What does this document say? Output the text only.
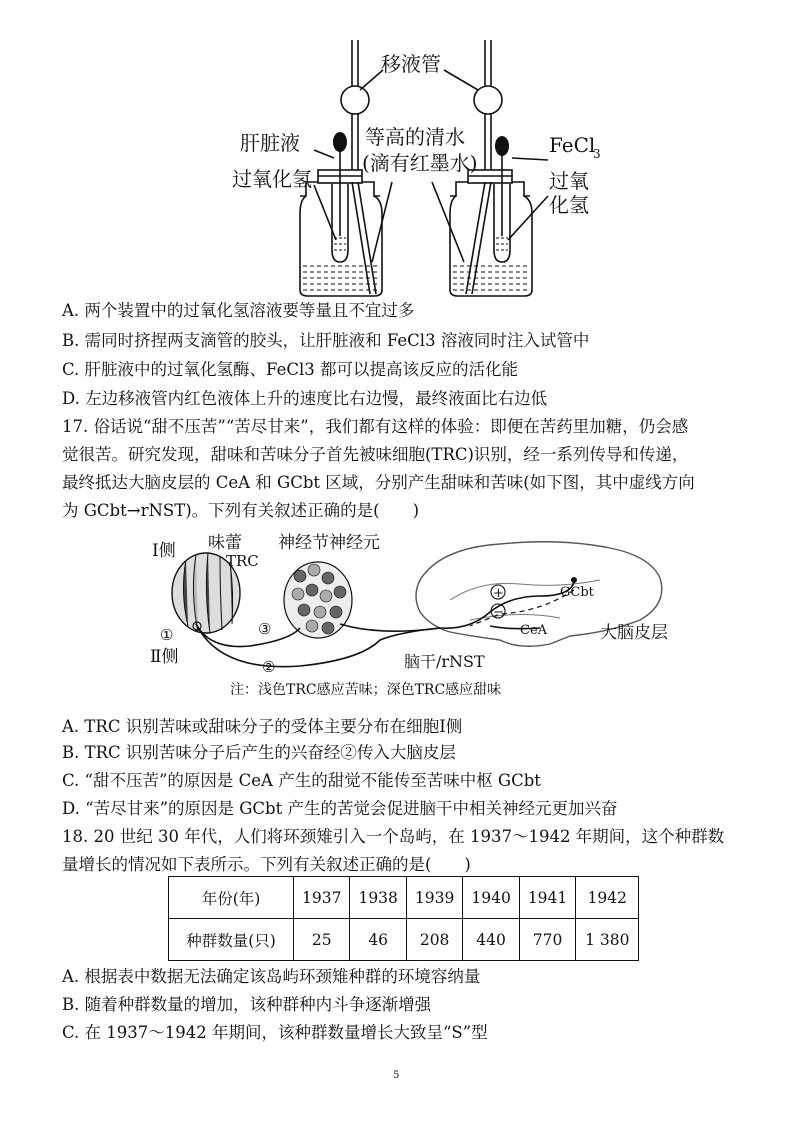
移液管
肝脏液	等高的清水
(滴有红墨水)
过氧化氢
FeCl
3
过氧
化氢
A. 两个装置中的过氧化氢溶液要等量且不宜过多
B. 需同时挤捏两支滴管的胶头，让肝脏液和 FeCl3 溶液同时注入试管中
C. 肝脏液中的过氧化氢酶、FeCl3 都可以提高该反应的活化能
D. 左边移液管内红色液体上升的速度比右边慢，最终液面比右边低
17. 俗话说“甜不压苦”“苦尽甘来”，我们都有这样的体验：即便在苦药里加糖，仍会感
觉很苦。研究发现，甜味和苦味分子首先被味细胞(TRC)识别，经一系列传导和传递，
最终抵达大脑皮层的 CeA 和 GCbt 区域，分别产生甜味和苦味(如下图，其中虚线方向
为 GCbt→rNST)。下列有关叙述正确的是(　　)
+
−
Ⅰ侧 味蕾 神经节神经元
TRC
①
Ⅱ侧
③
②
GCbt
CeA	大脑皮层
脑干/rNST
注：浅色TRC感应苦味；深色TRC感应甜味
A. TRC 识别苦味或甜味分子的受体主要分布在细胞Ⅰ侧
B. TRC 识别苦味分子后产生的兴奋经②传入大脑皮层
C. “甜不压苦”的原因是 CeA 产生的甜觉不能传至苦味中枢 GCbt
D. “苦尽甘来”的原因是 GCbt 产生的苦觉会促进脑干中相关神经元更加兴奋
18. 20 世纪 30 年代，人们将环颈雉引入一个岛屿，在 1937～1942 年期间，这个种群数
量增长的情况如下表所示。下列有关叙述正确的是(　　)
年份(年)	1937	1938	1939	1940	1941	1942
种群数量(只)	25	46	208	440	770	1 380
A. 根据表中数据无法确定该岛屿环颈雉种群的环境容纳量
B. 随着种群数量的增加，该种群种内斗争逐渐增强
C. 在 1937～1942 年期间，该种群数量增长大致呈“S”型
5
